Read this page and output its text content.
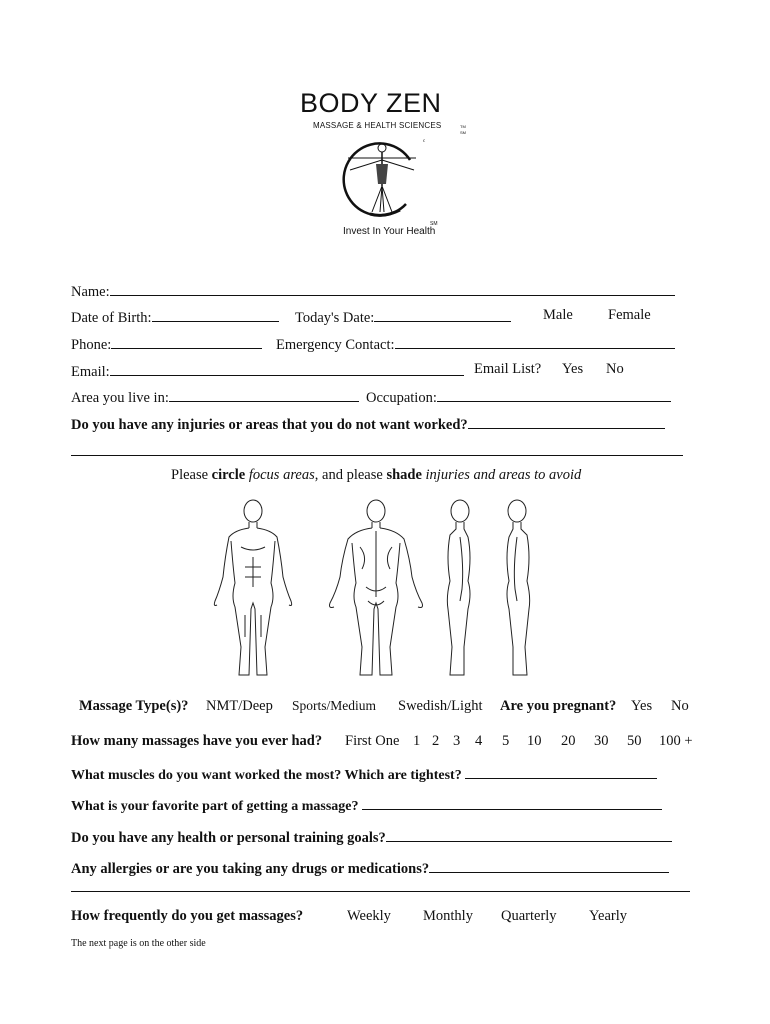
BODY ZEN
MASSAGE & HEALTH SCIENCES	TM SM
c
Invest In Your Health
SM
Name:
Date of Birth:	Today's Date:	Male Female
Phone:	Emergency Contact:
Email:	Email List? Yes No
Area you live in:	Occupation:
Do you have any injuries or areas that you do not want worked?
Please circle focus areas, and please shade injuries and areas to avoid
Massage Type(s)? NMT/Deep Sports/Medium Swedish/Light Are you pregnant? Yes No
How many massages have you ever had? First One 1 2 3 4 5 10 20 30 50 100 +
What muscles do you want worked the most? Which are tightest?
What is your favorite part of getting a massage?
Do you have any health or personal training goals?
Any allergies or are you taking any drugs or medications?
How frequently do you get massages?	Weekly Monthly Quarterly Yearly
The next page is on the other side
